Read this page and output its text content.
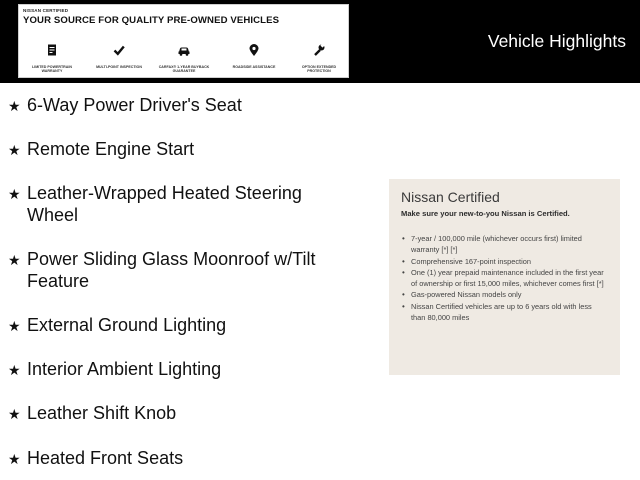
NISSAN CERTIFIED
YOUR SOURCE FOR QUALITY PRE-OWNED VEHICLES
LIMITED POWERTRAIN
WARRANTY
MULTI-POINT INSPECTION	CARFAX® 1-YEAR BUYBACK
GUARANTEE
ROADSIDE ASSISTANCE	OPTION EXTENDED
PROTECTION
Vehicle Highlights
★ 6-Way Power Driver's Seat
★ Remote Engine Start
★ Leather-Wrapped Heated Steering Wheel
★ Power Sliding Glass Moonroof w/Tilt Feature
★ External Ground Lighting
★ Interior Ambient Lighting
★ Leather Shift Knob
★ Heated Front Seats
Nissan Certified
Make sure your new-to-you Nissan is Certified.
• 7-year / 100,000 mile (whichever occurs first) limited warranty [*] [*]
• Comprehensive 167-point inspection
• One (1) year prepaid maintenance included in the first year of ownership or first 15,000 miles, whichever comes first [*]
• Gas-powered Nissan models only
• Nissan Certified vehicles are up to 6 years old with less than 80,000 miles
